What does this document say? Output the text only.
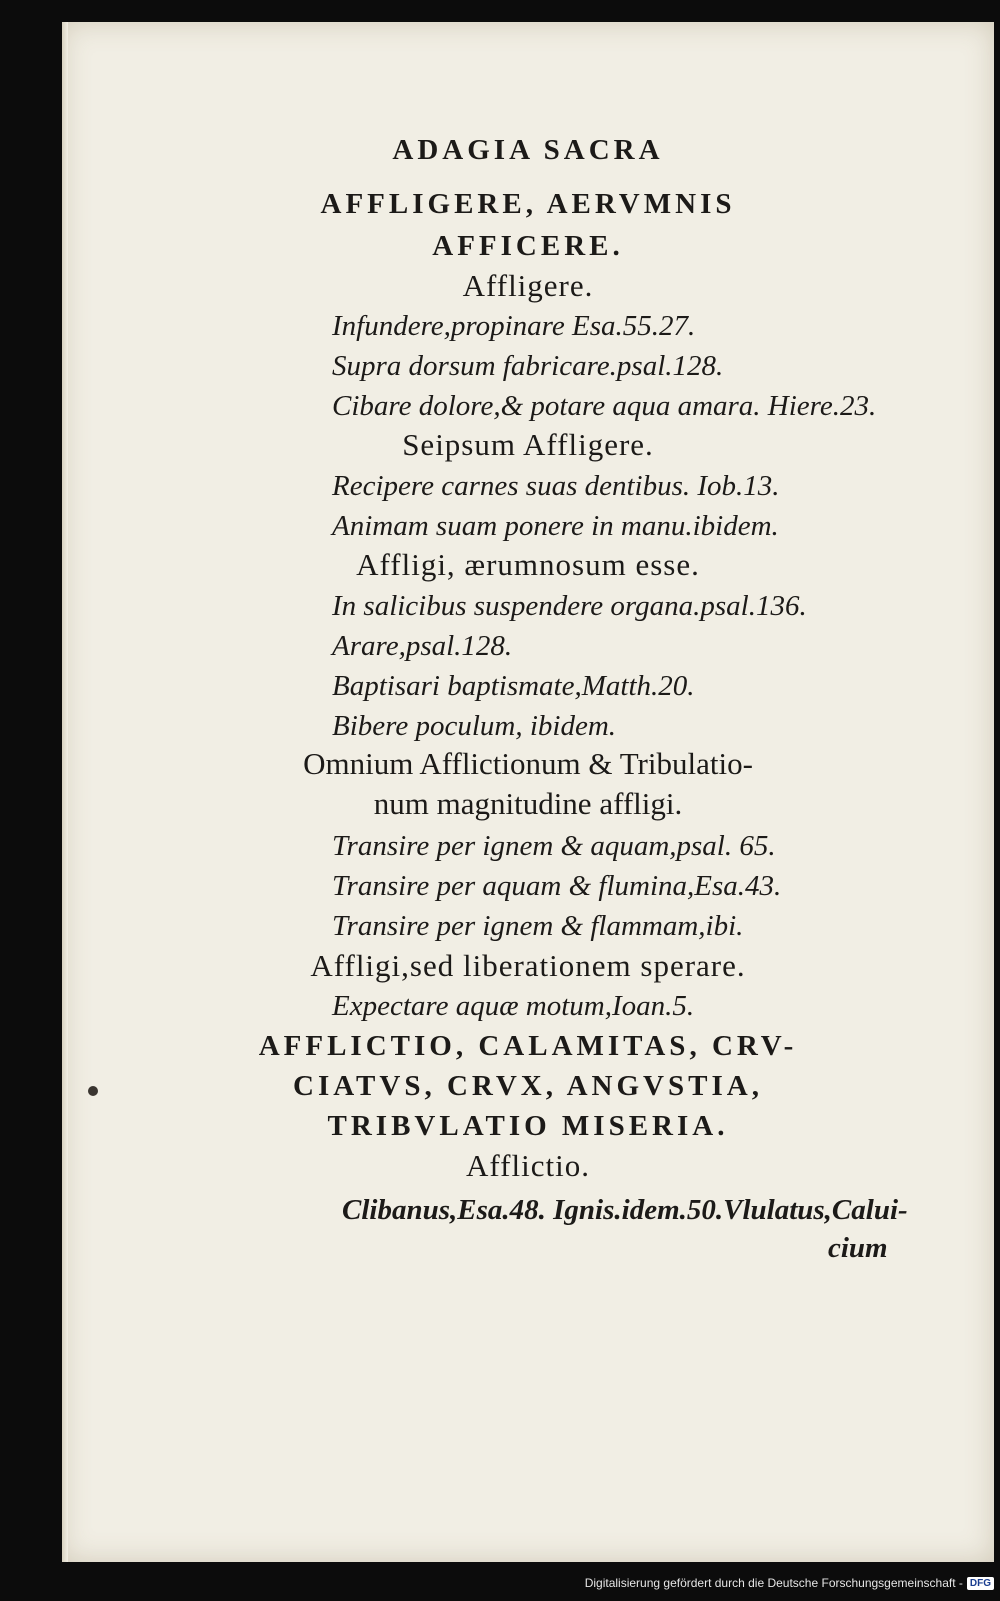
ADAGIA SACRA
AFFLIGERE, AERVMNIS
AFFICERE.
Affligere.
Infundere,propinare Esa.55.27.
Supra dorsum fabricare.psal.128.
Cibare dolore,& potare aqua amara. Hiere.23.
Seipsum Affligere.
Recipere carnes suas dentibus. Iob.13.
Animam suam ponere in manu.ibidem.
Affligi, ærumnosum esse.
In salicibus suspendere organa.psal.136.
Arare,psal.128.
Baptisari baptismate,Matth.20.
Bibere poculum, ibidem.
Omnium Afflictionum & Tribulatio-
num magnitudine affligi.
Transire per ignem & aquam,psal. 65.
Transire per aquam & flumina,Esa.43.
Transire per ignem & flammam,ibi.
Affligi,sed liberationem sperare.
Expectare aquæ motum,Ioan.5.
AFFLICTIO, CALAMITAS, CRV-
CIATVS, CRVX, ANGVSTIA,
TRIBVLATIO MISERIA.
Afflictio.
Clibanus,Esa.48. Ignis.idem.50.Vlulatus,Calui-
cium
Digitalisierung gefördert durch die Deutsche Forschungsgemeinschaft - DFG
